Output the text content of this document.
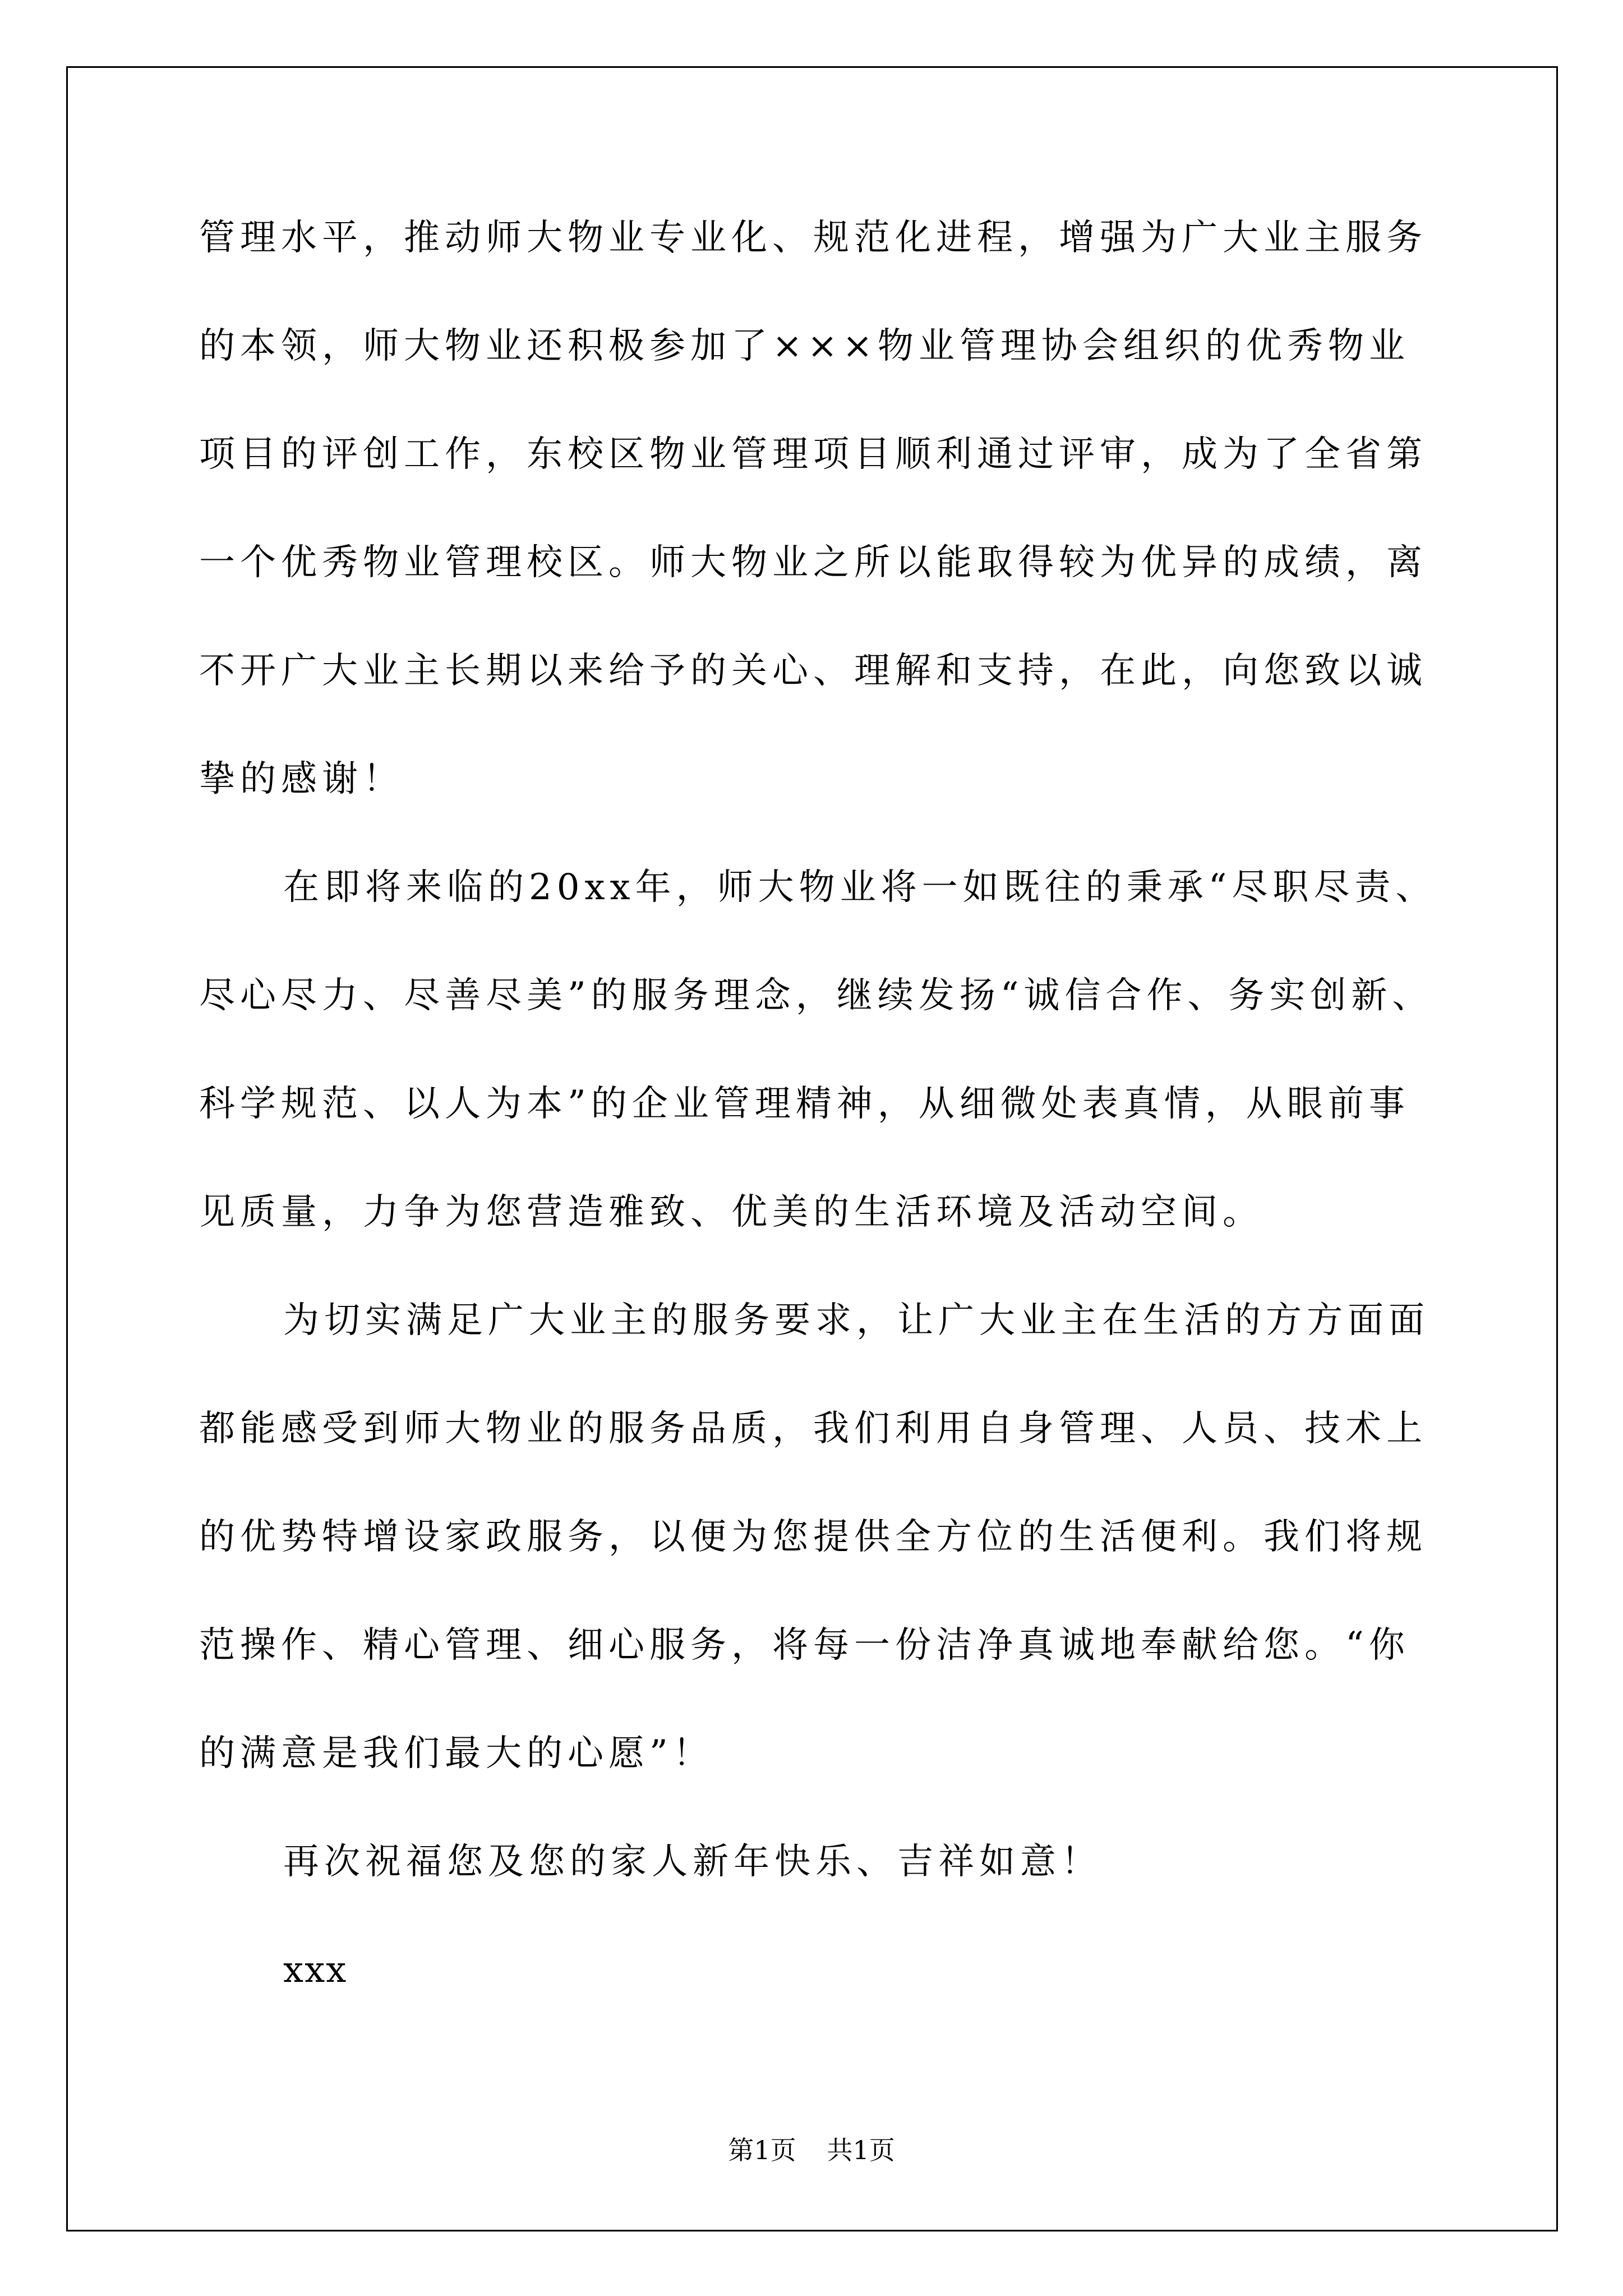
管理水平，推动师大物业专业化、规范化进程，增强为广大业主服务
的本领，师大物业还积极参加了×××物业管理协会组织的优秀物业
项目的评创工作，东校区物业管理项目顺利通过评审，成为了全省第
一个优秀物业管理校区。师大物业之所以能取得较为优异的成绩，离
不开广大业主长期以来给予的关心、理解和支持，在此，向您致以诚
挚的感谢！
在即将来临的20xx年，师大物业将一如既往的秉承“尽职尽责、
尽心尽力、尽善尽美”的服务理念，继续发扬“诚信合作、务实创新、
科学规范、以人为本”的企业管理精神，从细微处表真情，从眼前事
见质量，力争为您营造雅致、优美的生活环境及活动空间。
为切实满足广大业主的服务要求，让广大业主在生活的方方面面
都能感受到师大物业的服务品质，我们利用自身管理、人员、技术上
的优势特增设家政服务，以便为您提供全方位的生活便利。我们将规
范操作、精心管理、细心服务，将每一份洁净真诚地奉献给您。“你
的满意是我们最大的心愿”！
再次祝福您及您的家人新年快乐、吉祥如意！
xxx
第1页 共1页
